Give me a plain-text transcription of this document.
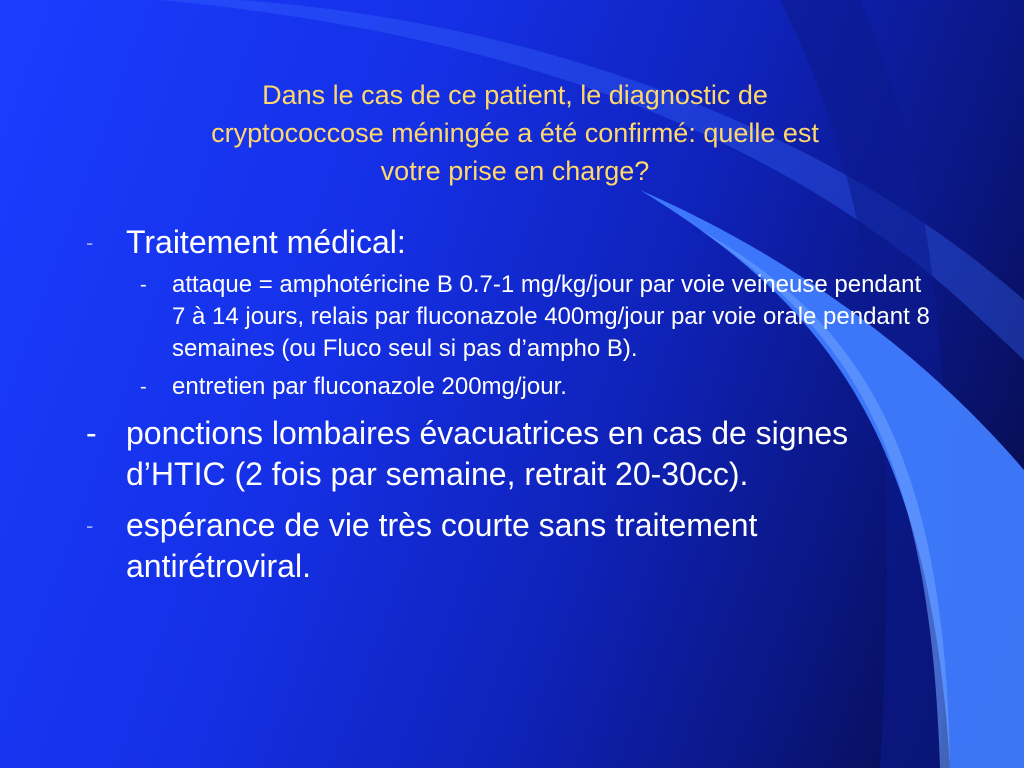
Dans le cas de ce patient, le diagnostic de
cryptococcose méningée a été confirmé: quelle est
votre prise en charge?
- Traitement médical:
- attaque = amphotéricine B 0.7-1 mg/kg/jour par voie veineuse pendant 7 à 14 jours, relais par fluconazole 400mg/jour par voie orale pendant 8 semaines (ou Fluco seul si pas d’ampho B).
- entretien par fluconazole 200mg/jour.
- ponctions lombaires évacuatrices en cas de signes d’HTIC (2 fois par semaine, retrait 20-30cc).
- espérance de vie très courte sans traitement antirétroviral.
